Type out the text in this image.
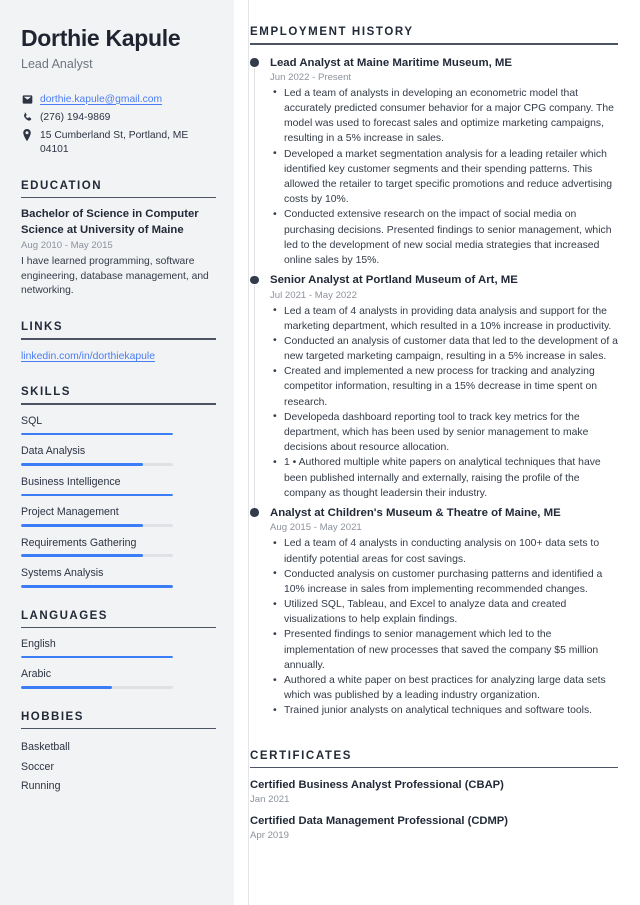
Dorthie Kapule
Lead Analyst
dorthie.kapule@gmail.com
(276) 194-9869
15 Cumberland St, Portland, ME 04101
EDUCATION
Bachelor of Science in Computer Science at University of Maine
Aug 2010 - May 2015
I have learned programming, software engineering, database management, and networking.
LINKS
linkedin.com/in/dorthiekapule
SKILLS
SQL
Data Analysis
Business Intelligence
Project Management
Requirements Gathering
Systems Analysis
LANGUAGES
English
Arabic
HOBBIES
Basketball
Soccer
Running
EMPLOYMENT HISTORY
Lead Analyst at Maine Maritime Museum, ME
Jun 2022 - Present
• Led a team of analysts in developing an econometric model that accurately predicted consumer behavior for a major CPG company. The model was used to forecast sales and optimize marketing campaigns, resulting in a 5% increase in sales.
• Developed a market segmentation analysis for a leading retailer which identified key customer segments and their spending patterns. This allowed the retailer to target specific promotions and reduce advertising costs by 10%.
• Conducted extensive research on the impact of social media on purchasing decisions. Presented findings to senior management, which led to the development of new social media strategies that increased online sales by 15%.
Senior Analyst at Portland Museum of Art, ME
Jul 2021 - May 2022
• Led a team of 4 analysts in providing data analysis and support for the marketing department, which resulted in a 10% increase in productivity.
• Conducted an analysis of customer data that led to the development of a new targeted marketing campaign, resulting in a 5% increase in sales.
• Created and implemented a new process for tracking and analyzing competitor information, resulting in a 15% decrease in time spent on research.
• Developeda dashboard reporting tool to track key metrics for the department, which has been used by senior management to make decisions about resource allocation.
• 1 • Authored multiple white papers on analytical techniques that have been published internally and externally, raising the profile of the company as thought leadersin their industry.
Analyst at Children's Museum & Theatre of Maine, ME
Aug 2015 - May 2021
• Led a team of 4 analysts in conducting analysis on 100+ data sets to identify potential areas for cost savings.
• Conducted analysis on customer purchasing patterns and identified a 10% increase in sales from implementing recommended changes.
• Utilized SQL, Tableau, and Excel to analyze data and created visualizations to help explain findings.
• Presented findings to senior management which led to the implementation of new processes that saved the company $5 million annually.
• Authored a white paper on best practices for analyzing large data sets which was published by a leading industry organization.
• Trained junior analysts on analytical techniques and software tools.
CERTIFICATES
Certified Business Analyst Professional (CBAP)
Jan 2021
Certified Data Management Professional (CDMP)
Apr 2019
